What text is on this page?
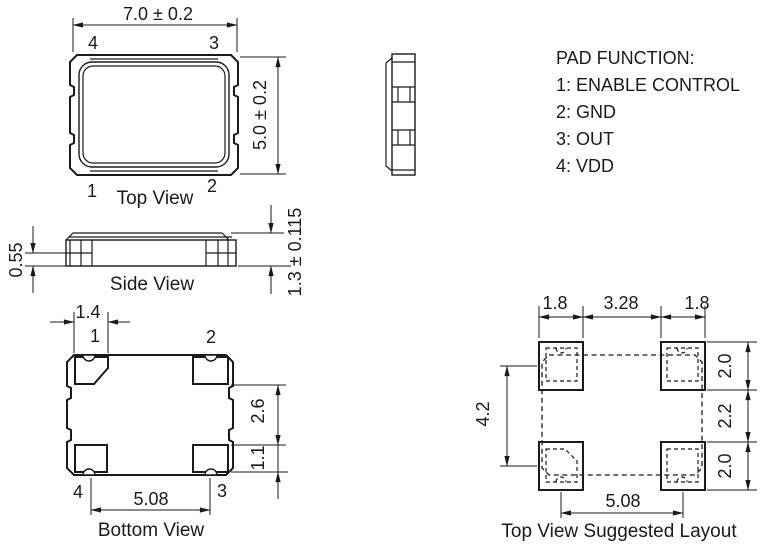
7.0 ± 0.2
5.0 ± 0.2
4	3
1	2
Top View
PAD FUNCTION:
1: ENABLE CONTROL
2: GND
3: OUT
4: VDD
0.55	1.3 ± 0.115
Side View
1.4
2.6
1.1
5.08
1	2
4	3
Bottom View
1.8 3.28	1.8
4.2
2.0
2.2
2.0
5.08
Top View Suggested Layout
